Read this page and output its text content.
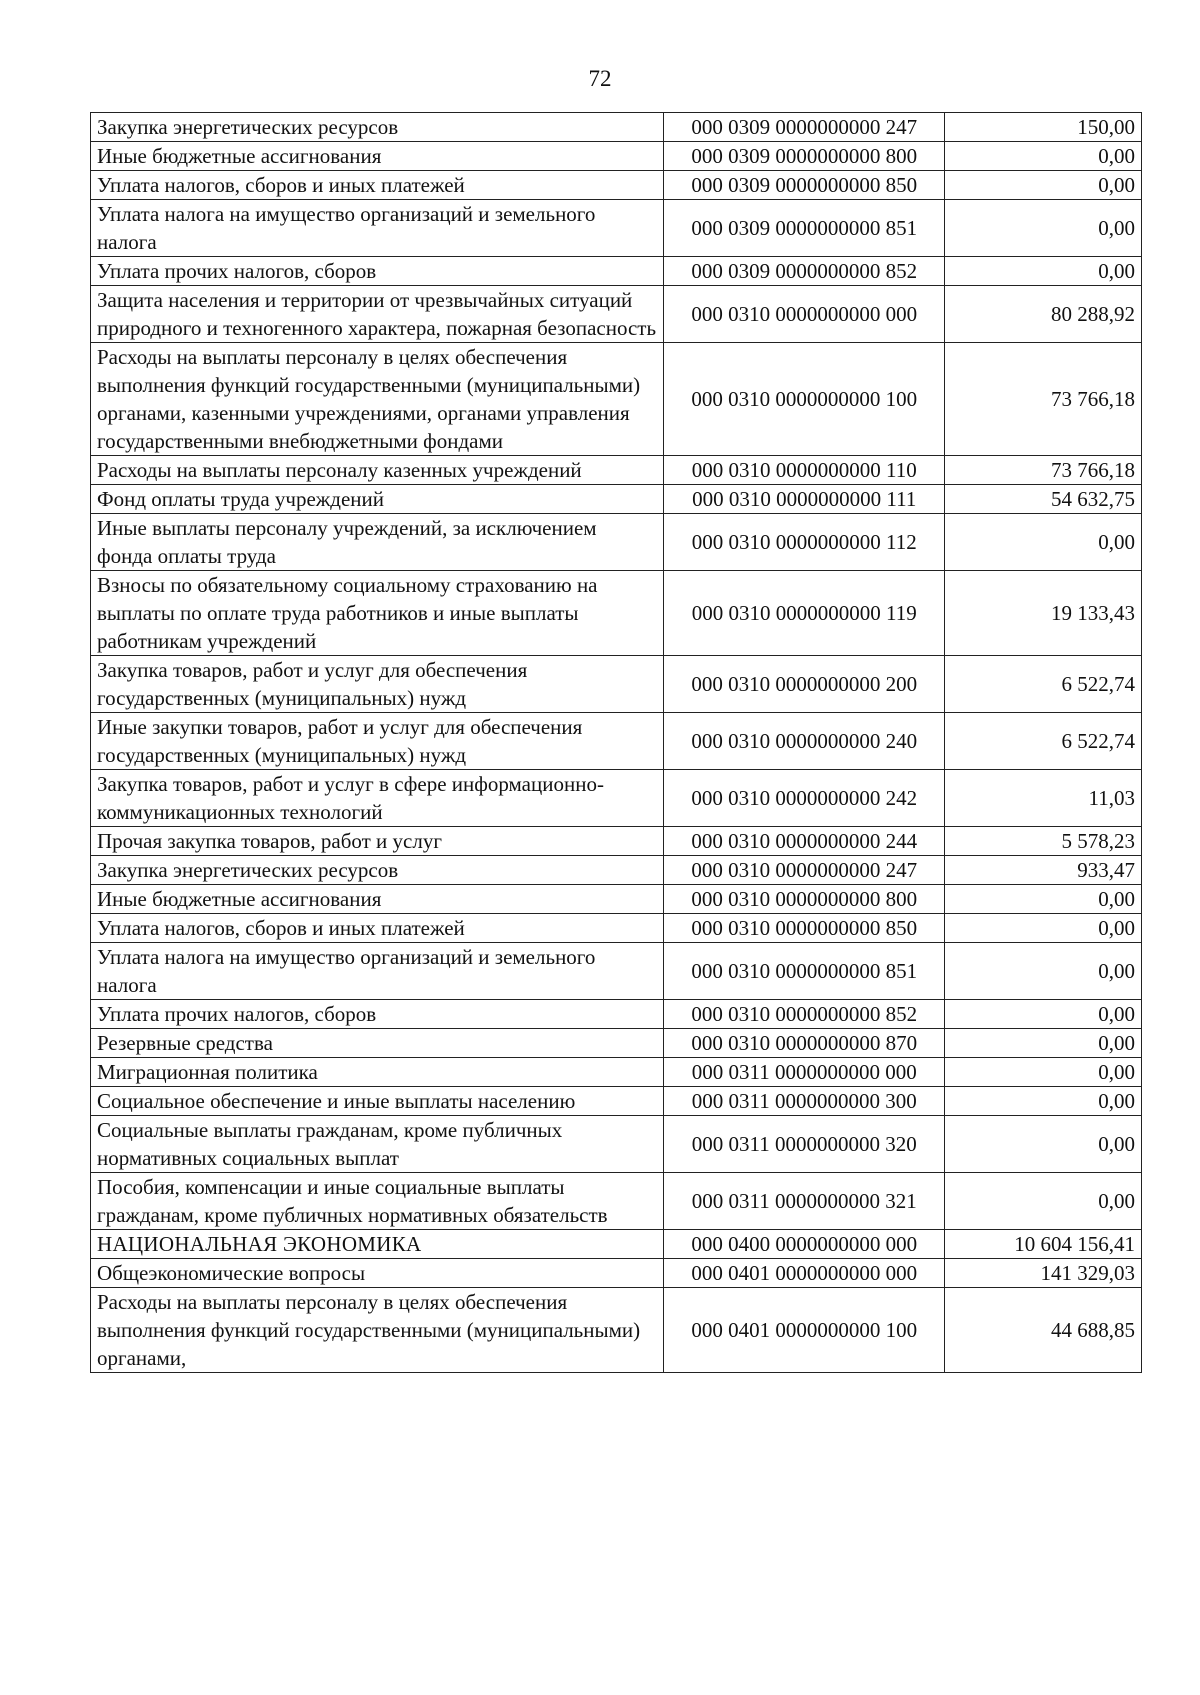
72
Закупка энергетических ресурсов	000 0309 0000000000 247	150,00
Иные бюджетные ассигнования	000 0309 0000000000 800	0,00
Уплата налогов, сборов и иных платежей	000 0309 0000000000 850	0,00
Уплата налога на имущество организаций и земельного налога	000 0309 0000000000 851	0,00
Уплата прочих налогов, сборов	000 0309 0000000000 852	0,00
Защита населения и территории от чрезвычайных ситуаций природного и техногенного характера, пожарная безопасность	000 0310 0000000000 000	80 288,92
Расходы на выплаты персоналу в целях обеспечения выполнения функций государственными (муниципальными) органами, казенными учреждениями, органами управления государственными внебюджетными фондами	000 0310 0000000000 100	73 766,18
Расходы на выплаты персоналу казенных учреждений	000 0310 0000000000 110	73 766,18
Фонд оплаты труда учреждений	000 0310 0000000000 111	54 632,75
Иные выплаты персоналу учреждений, за исключением фонда оплаты труда	000 0310 0000000000 112	0,00
Взносы по обязательному социальному страхованию на выплаты по оплате труда работников и иные выплаты работникам учреждений	000 0310 0000000000 119	19 133,43
Закупка товаров, работ и услуг для обеспечения государственных (муниципальных) нужд	000 0310 0000000000 200	6 522,74
Иные закупки товаров, работ и услуг для обеспечения государственных (муниципальных) нужд	000 0310 0000000000 240	6 522,74
Закупка товаров, работ и услуг в сфере информационно-коммуникационных технологий	000 0310 0000000000 242	11,03
Прочая закупка товаров, работ и услуг	000 0310 0000000000 244	5 578,23
Закупка энергетических ресурсов	000 0310 0000000000 247	933,47
Иные бюджетные ассигнования	000 0310 0000000000 800	0,00
Уплата налогов, сборов и иных платежей	000 0310 0000000000 850	0,00
Уплата налога на имущество организаций и земельного налога	000 0310 0000000000 851	0,00
Уплата прочих налогов, сборов	000 0310 0000000000 852	0,00
Резервные средства	000 0310 0000000000 870	0,00
Миграционная политика	000 0311 0000000000 000	0,00
Социальное обеспечение и иные выплаты населению	000 0311 0000000000 300	0,00
Социальные выплаты гражданам, кроме публичных нормативных социальных выплат	000 0311 0000000000 320	0,00
Пособия, компенсации и иные социальные выплаты гражданам, кроме публичных нормативных обязательств	000 0311 0000000000 321	0,00
НАЦИОНАЛЬНАЯ ЭКОНОМИКА	000 0400 0000000000 000	10 604 156,41
Общеэкономические вопросы	000 0401 0000000000 000	141 329,03
Расходы на выплаты персоналу в целях обеспечения выполнения функций государственными (муниципальными) органами,	000 0401 0000000000 100	44 688,85
